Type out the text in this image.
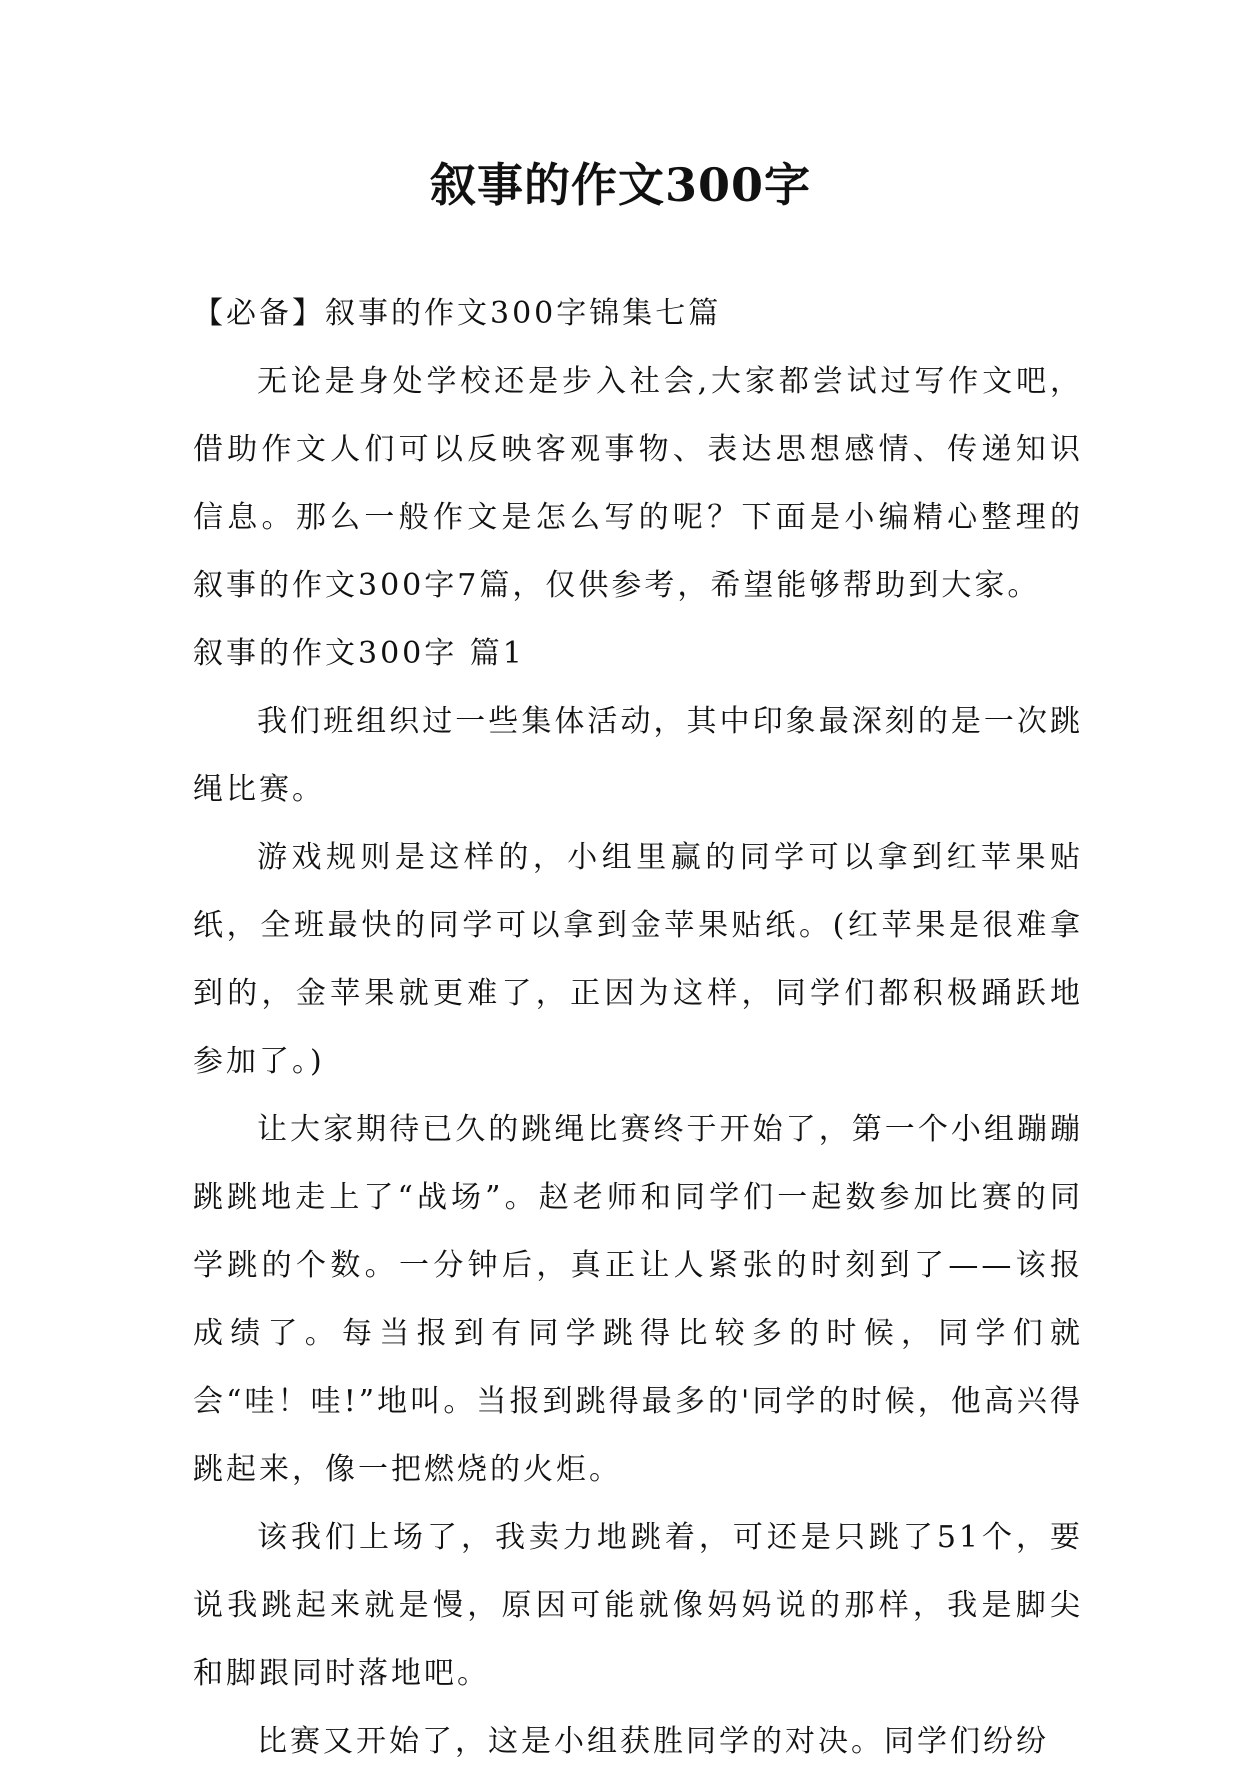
叙事的作文300字

【必备】叙事的作文300字锦集七篇

无论是身处学校还是步入社会,大家都尝试过写作文吧，借助作文人们可以反映客观事物、表达思想感情、传递知识信息。那么一般作文是怎么写的呢？下面是小编精心整理的叙事的作文300字7篇，仅供参考，希望能够帮助到大家。

叙事的作文300字 篇1

我们班组织过一些集体活动，其中印象最深刻的是一次跳绳比赛。

游戏规则是这样的，小组里赢的同学可以拿到红苹果贴纸，全班最快的同学可以拿到金苹果贴纸。(红苹果是很难拿到的，金苹果就更难了，正因为这样，同学们都积极踊跃地参加了。)

让大家期待已久的跳绳比赛终于开始了，第一个小组蹦蹦跳跳地走上了“战场”。赵老师和同学们一起数参加比赛的同学跳的个数。一分钟后，真正让人紧张的时刻到了——该报成绩了。每当报到有同学跳得比较多的时候，同学们就会“哇！哇!”地叫。当报到跳得最多的'同学的时候，他高兴得跳起来，像一把燃烧的火炬。

该我们上场了，我卖力地跳着，可还是只跳了51个，要说我跳起来就是慢，原因可能就像妈妈说的那样，我是脚尖和脚跟同时落地吧。

比赛又开始了，这是小组获胜同学的对决。同学们纷纷
